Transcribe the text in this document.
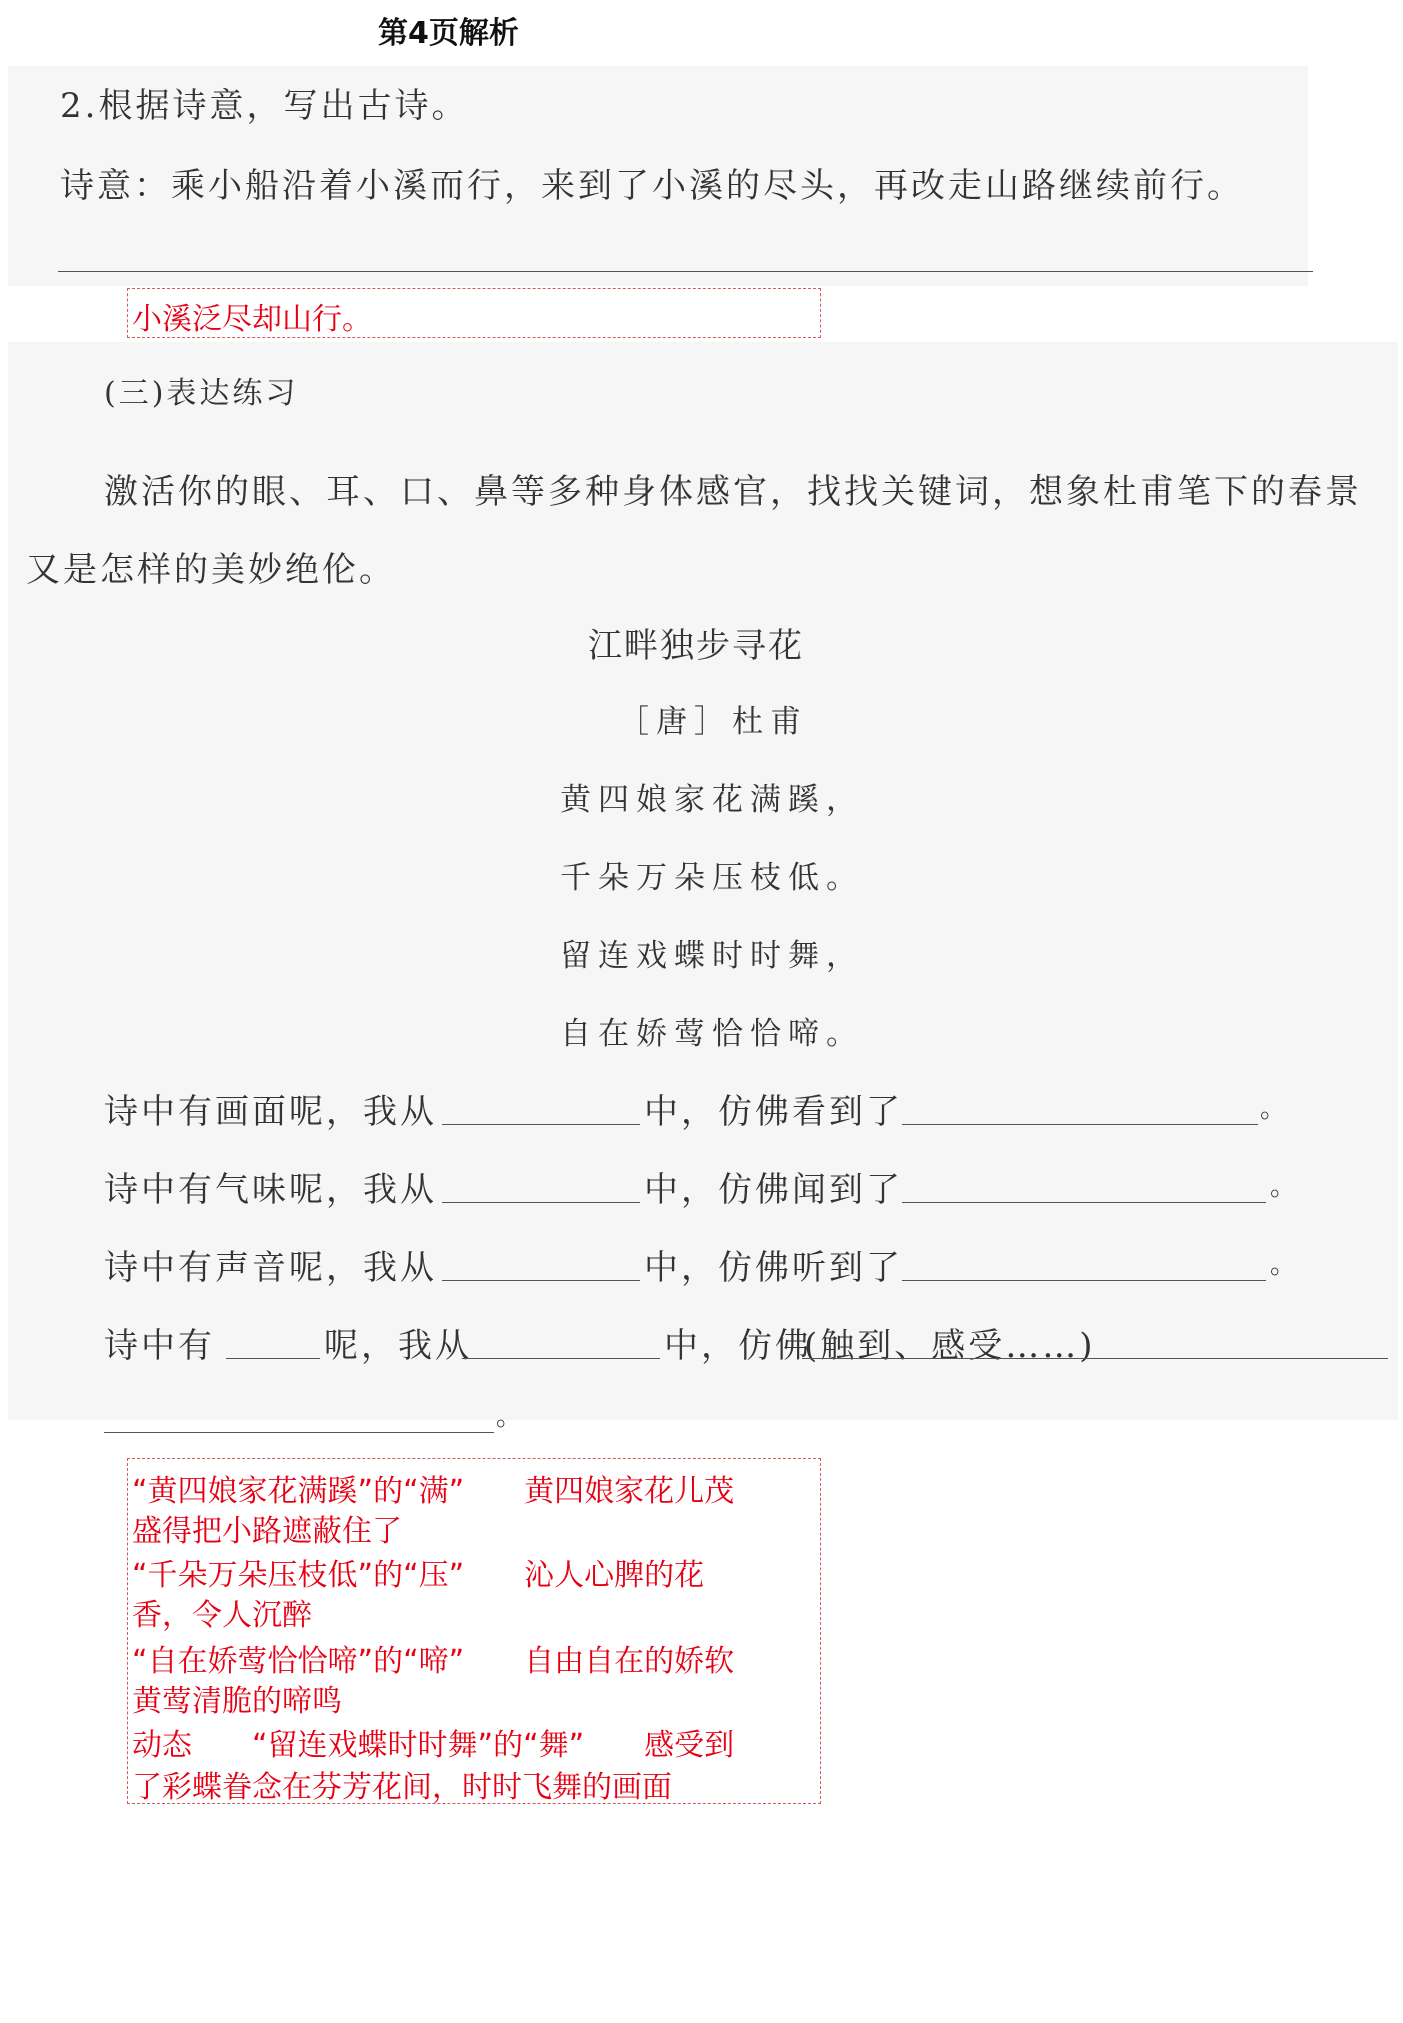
第4页解析
2.根据诗意，写出古诗。
诗意：乘小船沿着小溪而行，来到了小溪的尽头，再改走山路继续前行。
小溪泛尽却山行。
(三)表达练习
激活你的眼、耳、口、鼻等多种身体感官，找找关键词，想象杜甫笔下的春景
又是怎样的美妙绝伦。
江畔独步寻花
［唐］杜甫
黄四娘家花满蹊，
千朵万朵压枝低。
留连戏蝶时时舞，
自在娇莺恰恰啼。
诗中有画面呢，我从	中，仿佛看到了	。
诗中有气味呢，我从	中，仿佛闻到了	。
诗中有声音呢，我从	中，仿佛听到了	。
诗中有	呢，我从	中，仿佛
(触到、感受……)
。
“黄四娘家花满蹊”的“满”　　黄四娘家花儿茂
盛得把小路遮蔽住了
“千朵万朵压枝低”的“压”　　沁人心脾的花
香，令人沉醉
“自在娇莺恰恰啼”的“啼”　　自由自在的娇软
黄莺清脆的啼鸣
动态　　“留连戏蝶时时舞”的“舞”　　感受到
了彩蝶眷念在芬芳花间，时时飞舞的画面
